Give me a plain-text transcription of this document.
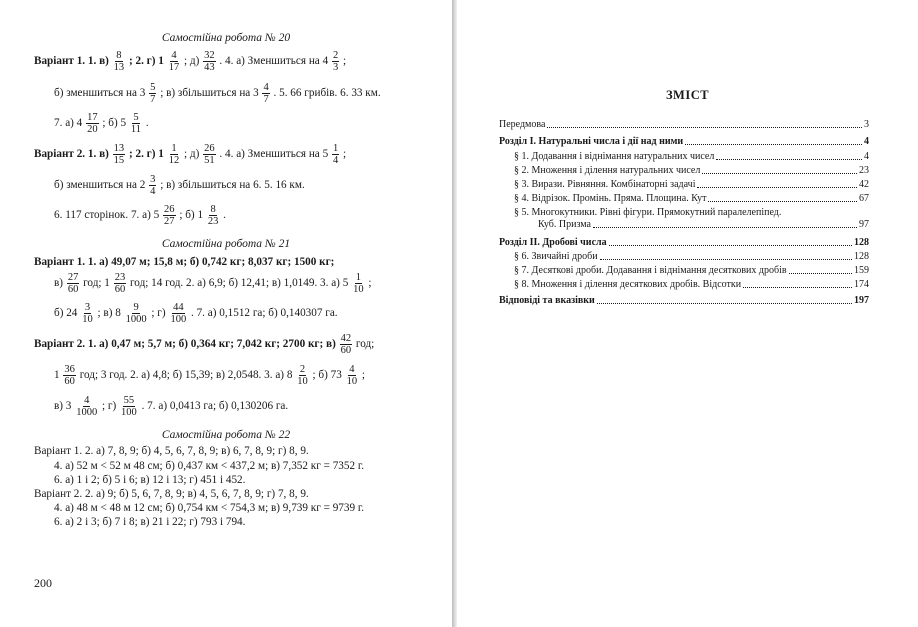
Самостійна робота № 20
Варіант 1. 1. $в) \frac{8}{13}$ ; 2. г) $1 \frac{4}{17}$ ; $д) \frac{32}{43}$ . 4. а) Зменшиться на $4 \frac{2}{3}$ ;
б) зменшиться на $3 \frac{5}{7}$ ; в) збільшиться на $3 \frac{4}{7}$ . 5. 66 грибів. 6. 33 км.
7. а) $4 \frac{17}{20}$ ; б) $5 \frac{5}{11}$ .
Варіант 2. 1. $в) \frac{13}{15}$ ; 2. г) $1 \frac{1}{12}$ ; $д) \frac{26}{51}$ . 4. а) Зменшиться на $5 \frac{1}{4}$ ;
б) зменшиться на $2 \frac{3}{4}$ ; в) збільшиться на 6. 5. 16 км.
6. 117 сторінок. 7. а) $5 \frac{26}{27}$ ; б) $1 \frac{8}{23}$ .
Самостійна робота № 21
Варіант 1. 1. а) 49,07 м; 15,8 м; б) 0,742 кг; 8,037 кг; 1500 кг;
$в) \frac{27}{60}$ год; $1 \frac{23}{60}$ год; 14 год. 2. а) 6,9; б) 12,41; в) 1,0149. 3. а) $5 \frac{1}{10}$ ;
б) $24 \frac{3}{10}$ ; в) $8 \frac{9}{1000}$ ; $г) \frac{44}{100}$ . 7. а) 0,1512 га; б) 0,140307 га.
Варіант 2. 1. а) 0,47 м; 5,7 м; б) 0,364 кг; 7,042 кг; 2700 кг; $в) \frac{42}{60}$ год;
$1 \frac{36}{60}$ год; 3 год. 2. а) 4,8; б) 15,39; в) 2,0548. 3. а) $8 \frac{2}{10}$ ; б) $73 \frac{4}{10}$ ;
в) $3 \frac{4}{1000}$ ; $г) \frac{55}{100}$ . 7. а) 0,0413 га; б) 0,130206 га.
Самостійна робота № 22
Варіант 1. 2. а) 7, 8, 9; б) 4, 5, 6, 7, 8, 9; в) 6, 7, 8, 9; г) 8, 9.
4. а) 52 м < 52 м 48 см; б) 0,437 км < 437,2 м; в) 7,352 кг = 7352 г.
6. а) 1 і 2; б) 5 і 6; в) 12 і 13; г) 451 і 452.
Варіант 2. 2. а) 9; б) 5, 6, 7, 8, 9; в) 4, 5, 6, 7, 8, 9; г) 7, 8, 9.
4. а) 48 м < 48 м 12 см; б) 0,754 км < 754,3 м; в) 9,739 кг = 9739 г.
6. а) 2 і 3; б) 7 і 8; в) 21 і 22; г) 793 і 794.
200
ЗМІСТ
Передмова	3
Розділ І. Натуральні числа і дії над ними	4
§ 1. Додавання і віднімання натуральних чисел	4
§ 2. Множення і ділення натуральних чисел	23
§ 3. Вирази. Рівняння. Комбінаторні задачі	42
§ 4. Відрізок. Промінь. Пряма. Площина. Кут	67
§ 5. Многокутники. Рівні фігури. Прямокутний паралелепіпед.
Куб. Призма	97
Розділ ІІ. Дробові числа	128
§ 6. Звичайні дроби	128
§ 7. Десяткові дроби. Додавання і віднімання десяткових дробів	159
§ 8. Множення і ділення десяткових дробів. Відсотки	174
Відповіді та вказівки	197
